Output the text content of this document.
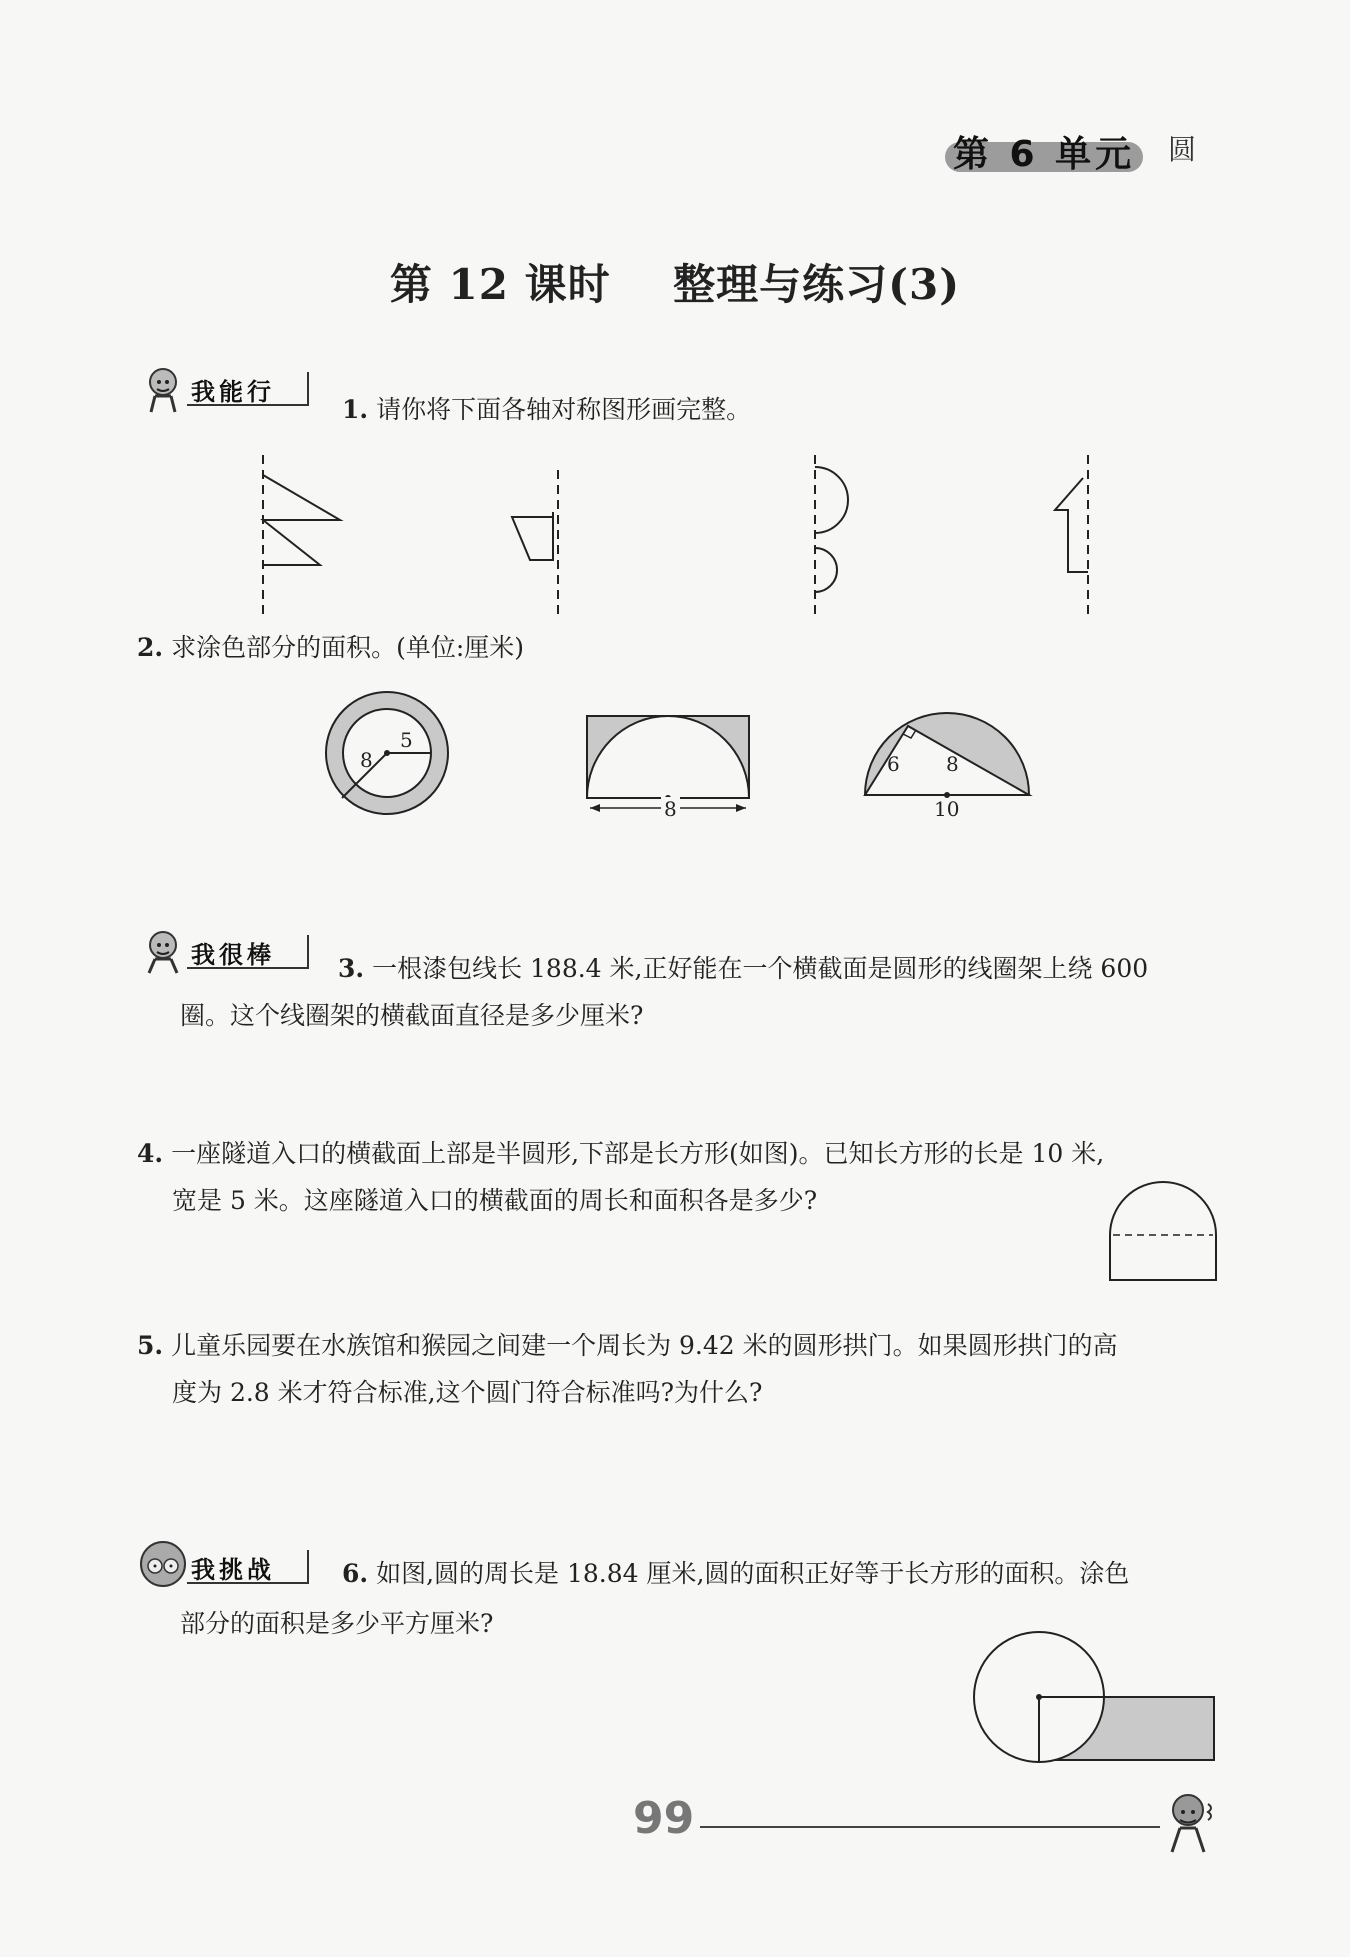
第 6 单元 圆
第 12 课时    整理与练习(3)
我能行
1. 请你将下面各轴对称图形画完整。
2. 求涂色部分的面积。(单位:厘米)
5
8
8
6 8
10
我很棒	3. 一根漆包线长 188.4 米,正好能在一个横截面是圆形的线圈架上绕 600
圈。这个线圈架的横截面直径是多少厘米?
4. 一座隧道入口的横截面上部是半圆形,下部是长方形(如图)。已知长方形的长是 10 米,
宽是 5 米。这座隧道入口的横截面的周长和面积各是多少?
5. 儿童乐园要在水族馆和猴园之间建一个周长为 9.42 米的圆形拱门。如果圆形拱门的高
度为 2.8 米才符合标准,这个圆门符合标准吗?为什么?
我挑战	6. 如图,圆的周长是 18.84 厘米,圆的面积正好等于长方形的面积。涂色
部分的面积是多少平方厘米?
99
